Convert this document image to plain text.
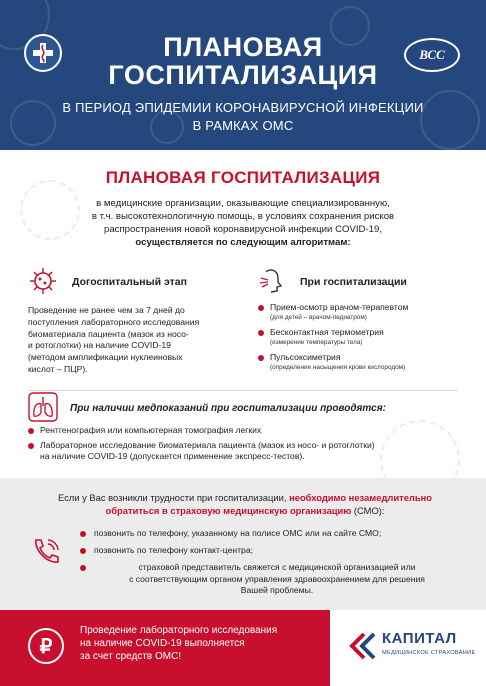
ВСС
ПЛАНОВАЯ
ГОСПИТАЛИЗАЦИЯ
В ПЕРИОД ЭПИДЕМИИ КОРОНАВИРУСНОЙ ИНФЕКЦИИ
В РАМКАХ ОМС
ПЛАНОВАЯ ГОСПИТАЛИЗАЦИЯ
в медицинские организации, оказывающие специализированную,
в т.ч. высокотехнологичную помощь, в условиях сохранения рисков
распространения новой коронавирусной инфекции COVID-19,
осуществляется по следующим алгоритмам:
Догоспитальный этап
Проведение не ранее чем за 7 дней до
поступления лабораторного исследования
биоматериала пациента (мазок из носо-
и ротоглотки) на наличие COVID-19
(методом амплификации нуклеиновых
кислот – ПЦР).
При госпитализации
Прием-осмотр врачом-терапевтом
(для детей – врачом-педиатром)
Бесконтактная термометрия
(измерение температуры тела)
Пульсоксиметрия
(определение насыщения крови кислородом)
При наличии медпоказаний при госпитализации проводятся:
Рентгенография или компьютерная томография легких
Лабораторное исследование биоматериала пациента (мазок из носо- и ротоглотки)
на наличие COVID-19 (допускается применение экспресс-тестов).
Если у Вас возникли трудности при госпитализации, необходимо незамедлительно
обратиться в страховую медицинскую организацию (СМО):
позвонить по телефону, указанному на полисе ОМС или на сайте СМО;
позвонить по телефону контакт-центра;
страховой представитель свяжется с медицинской организацией или
с соответствующим органом управления здравоохранением для решения
Вашей проблемы.
₽
Проведение лабораторного исследования
на наличие COVID-19 выполняется
за счет средств ОМС!
КАПИТАЛ
МЕДИЦИНСКОЕ СТРАХОВАНИЕ
